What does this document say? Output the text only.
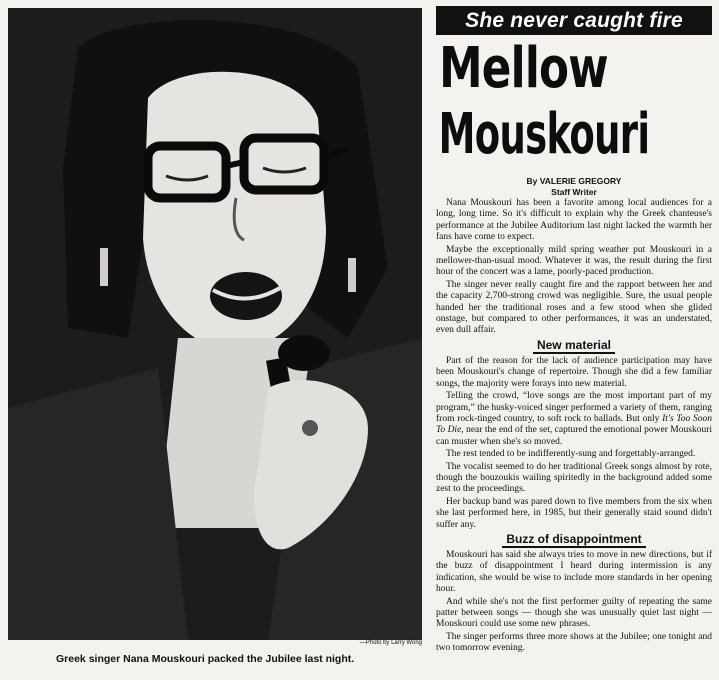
—Photo by Larry Wong
Greek singer Nana Mouskouri packed the Jubilee last night.
She never caught fire
Mellow
Mouskouri
By VALERIE GREGORY
Staff Writer

Nana Mouskouri has been a favorite among local audiences for a long, long time. So it's difficult to explain why the Greek chanteuse's performance at the Jubilee Auditorium last night lacked the warmth her fans have come to expect.

Maybe the exceptionally mild spring weather put Mouskouri in a mellower-than-usual mood. Whatever it was, the result during the first hour of the concert was a lame, poorly-paced production.

The singer never really caught fire and the rapport between her and the capacity 2,700-strong crowd was negligible. Sure, the usual people handed her the traditional roses and a few stood when she glided onstage, but compared to other performances, it was an understated, even dull affair.

New material

Part of the reason for the lack of audience participation may have been Mouskouri's change of repertoire. Though she did a few familiar songs, the majority were forays into new material.

Telling the crowd, “love songs are the most important part of my program,” the husky-voiced singer performed a variety of them, ranging from rock-tinged country, to soft rock to ballads. But only It's Too Soon To Die, near the end of the set, captured the emotional power Mouskouri can muster when she's so moved.

The rest tended to be indifferently-sung and forgettably-arranged.

The vocalist seemed to do her traditional Greek songs almost by rote, though the bouzoukis wailing spiritedly in the background added some zest to the proceedings.

Her backup band was pared down to five members from the six when she last performed here, in 1985, but their generally staid sound didn't suffer any.

Buzz of disappointment

Mouskouri has said she always tries to move in new directions, but if the buzz of disappointment I heard during intermission is any indication, she would be wise to include more standards in her opening hour.

And while she's not the first performer guilty of repeating the same patter between songs — though she was unusually quiet last night — Mouskouri could use some new phrases.

The singer performs three more shows at the Jubilee; one tonight and two tomorrow evening.
